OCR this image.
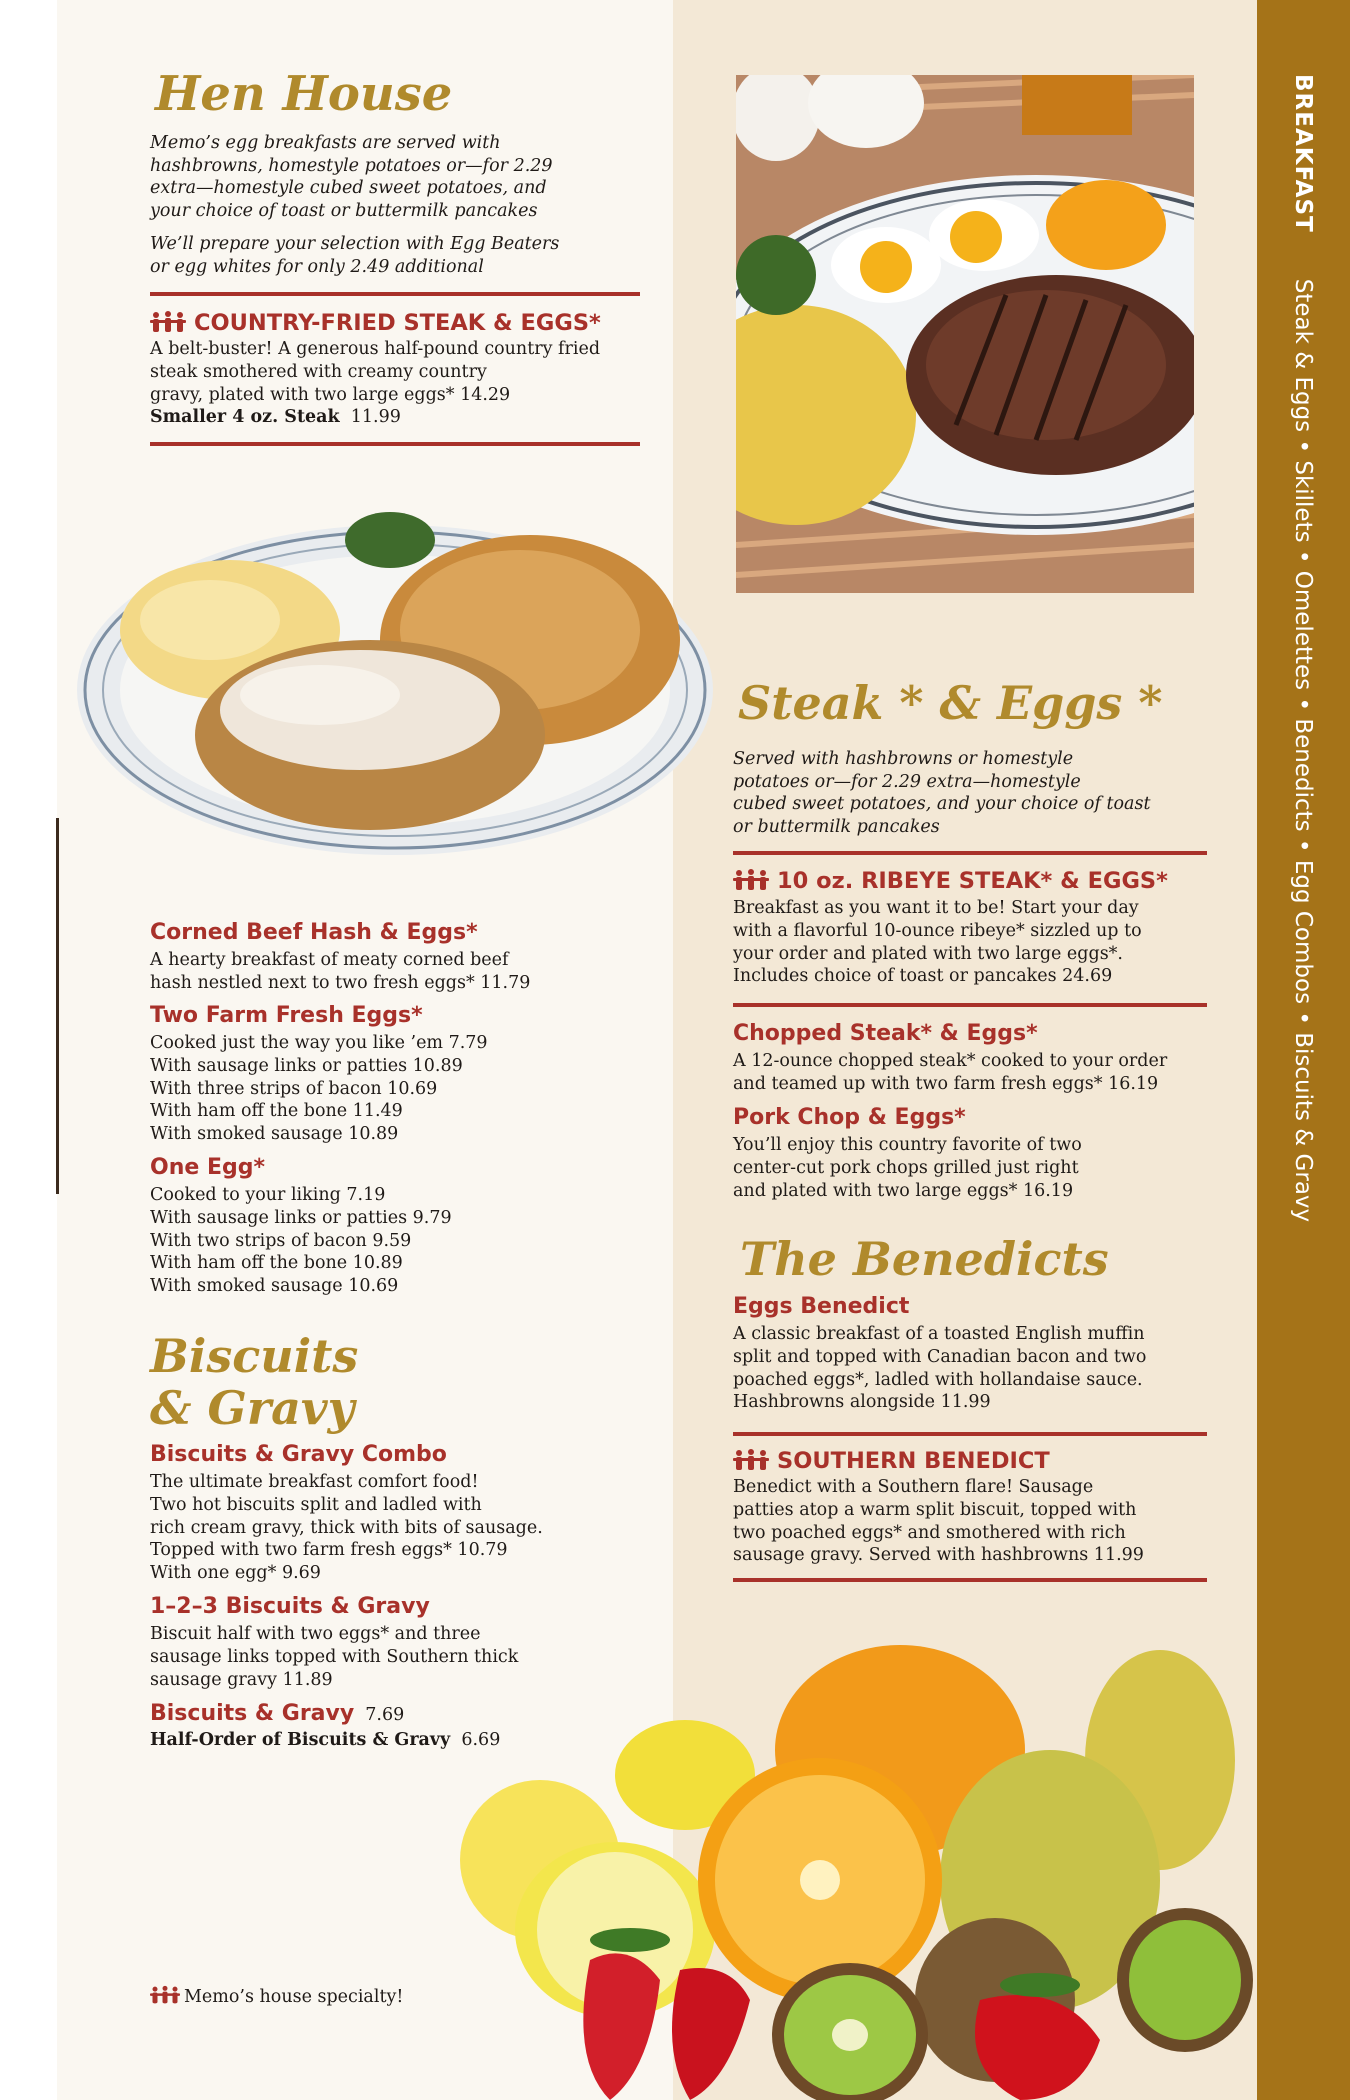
BREAKFASTSteak & Eggs • Skillets • Omelettes • Benedicts • Egg Combos • Biscuits & Gravy
Hen House
Memo’s egg breakfasts are served with
hashbrowns, homestyle potatoes or—for 2.29
extra—homestyle cubed sweet potatoes, and
your choice of toast or buttermilk pancakes
We’ll prepare your selection with Egg Beaters
or egg whites for only 2.49 additional
COUNTRY-FRIED STEAK & EGGS*
A belt-buster! A generous half-pound country fried
steak smothered with creamy country
gravy, plated with two large eggs* 14.29
Smaller 4 oz. Steak 11.99
Corned Beef Hash & Eggs*
A hearty breakfast of meaty corned beef
hash nestled next to two fresh eggs* 11.79
Two Farm Fresh Eggs*
Cooked just the way you like ’em 7.79
With sausage links or patties 10.89
With three strips of bacon 10.69
With ham off the bone 11.49
With smoked sausage 10.89
One Egg*
Cooked to your liking 7.19
With sausage links or patties 9.79
With two strips of bacon 9.59
With ham off the bone 10.89
With smoked sausage 10.69
Biscuits
& Gravy
Biscuits & Gravy Combo
The ultimate breakfast comfort food!
Two hot biscuits split and ladled with
rich cream gravy, thick with bits of sausage.
Topped with two farm fresh eggs* 10.79
With one egg* 9.69
1–2–3 Biscuits & Gravy
Biscuit half with two eggs* and three
sausage links topped with Southern thick
sausage gravy 11.89
Biscuits & Gravy 7.69
Half-Order of Biscuits & Gravy 6.69
Memo’s house specialty!
Steak * & Eggs *
Served with hashbrowns or homestyle
potatoes or—for 2.29 extra—homestyle
cubed sweet potatoes, and your choice of toast
or buttermilk pancakes
10 oz. RIBEYE STEAK* & EGGS*
Breakfast as you want it to be! Start your day
with a flavorful 10-ounce ribeye* sizzled up to
your order and plated with two large eggs*.
Includes choice of toast or pancakes 24.69
Chopped Steak* & Eggs*
A 12-ounce chopped steak* cooked to your order
and teamed up with two farm fresh eggs* 16.19
Pork Chop & Eggs*
You’ll enjoy this country favorite of two
center-cut pork chops grilled just right
and plated with two large eggs* 16.19
The Benedicts
Eggs Benedict
A classic breakfast of a toasted English muffin
split and topped with Canadian bacon and two
poached eggs*, ladled with hollandaise sauce.
Hashbrowns alongside 11.99
SOUTHERN BENEDICT
Benedict with a Southern flare! Sausage
patties atop a warm split biscuit, topped with
two poached eggs* and smothered with rich
sausage gravy. Served with hashbrowns 11.99
